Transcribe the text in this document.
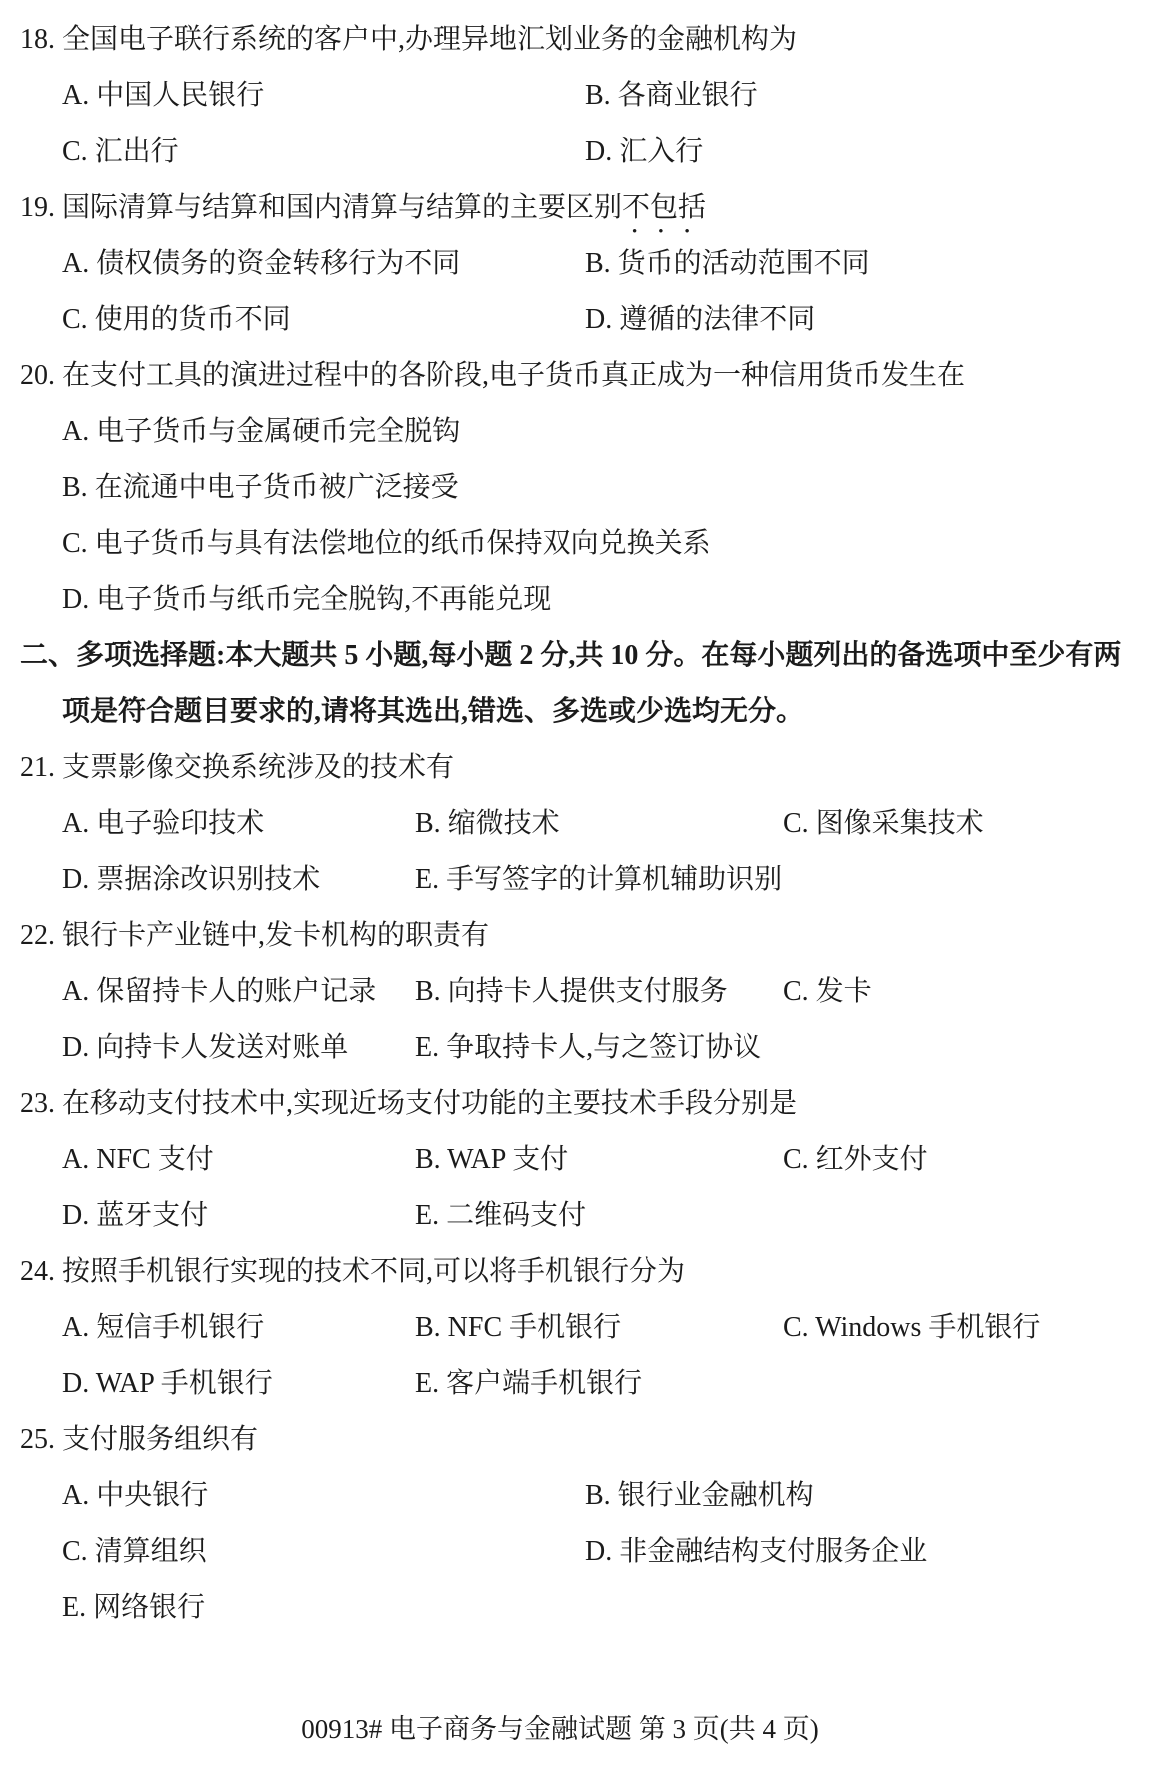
18. 全国电子联行系统的客户中,办理异地汇划业务的金融机构为
A. 中国人民银行	B. 各商业银行
C. 汇出行	D. 汇入行
19. 国际清算与结算和国内清算与结算的主要区别不包括 •••
A. 债权债务的资金转移行为不同	B. 货币的活动范围不同
C. 使用的货币不同	D. 遵循的法律不同
20. 在支付工具的演进过程中的各阶段,电子货币真正成为一种信用货币发生在
A. 电子货币与金属硬币完全脱钩
B. 在流通中电子货币被广泛接受
C. 电子货币与具有法偿地位的纸币保持双向兑换关系
D. 电子货币与纸币完全脱钩,不再能兑现
二、多项选择题:本大题共 5 小题,每小题 2 分,共 10 分。在每小题列出的备选项中至少有两
项是符合题目要求的,请将其选出,错选、多选或少选均无分。
21. 支票影像交换系统涉及的技术有
A. 电子验印技术	B. 缩微技术	C. 图像采集技术
D. 票据涂改识别技术	E. 手写签字的计算机辅助识别
22. 银行卡产业链中,发卡机构的职责有
A. 保留持卡人的账户记录	B. 向持卡人提供支付服务	C. 发卡
D. 向持卡人发送对账单	E. 争取持卡人,与之签订协议
23. 在移动支付技术中,实现近场支付功能的主要技术手段分别是
A. NFC 支付	B. WAP 支付	C. 红外支付
D. 蓝牙支付	E. 二维码支付
24. 按照手机银行实现的技术不同,可以将手机银行分为
A. 短信手机银行	B. NFC 手机银行	C. Windows 手机银行
D. WAP 手机银行	E. 客户端手机银行
25. 支付服务组织有
A. 中央银行	B. 银行业金融机构
C. 清算组织	D. 非金融结构支付服务企业
E. 网络银行
00913# 电子商务与金融试题 第 3 页(共 4 页)
